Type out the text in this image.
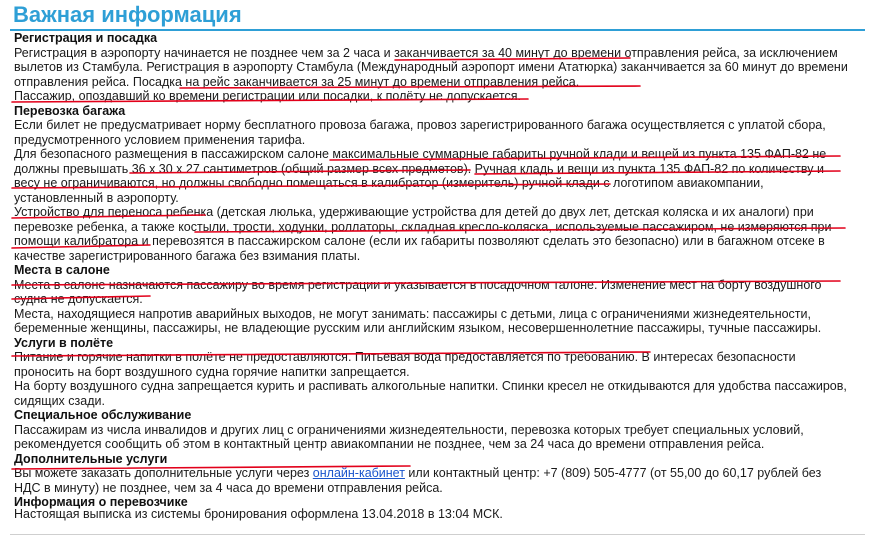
Важная информация

Регистрация и посадка

Регистрация в аэропорту начинается не позднее чем за 2 часа и заканчивается за 40 минут до времени отправления рейса, за исключением вылетов из Стамбула. Регистрация в аэропорту Стамбула (Международный аэропорт имени Ататюрка) заканчивается за 60 минут до времени отправления рейса. Посадка на рейс заканчивается за 25 минут до времени отправления рейса.

Пассажир, опоздавший ко времени регистрации или посадки, к полёту не допускается.

Перевозка багажа

Если билет не предусматривает норму бесплатного провоза багажа, провоз зарегистрированного багажа осуществляется с уплатой сбора, предусмотренного условием применения тарифа.

Для безопасного размещения в пассажирском салоне максимальные суммарные габариты ручной клади и вещей из пункта 135 ФАП-82 не должны превышать 36 х 30 х 27 сантиметров (общий размер всех предметов). Ручная кладь и вещи из пункта 135 ФАП-82 по количеству и весу не ограничиваются, но должны свободно помещаться в калибратор (измеритель) ручной клади с логотипом авиакомпании, установленный в аэропорту.

Устройство для переноса ребенка (детская люлька, удерживающие устройства для детей до двух лет, детская коляска и их аналоги) при перевозке ребенка, а также костыли, трости, ходунки, роллаторы, складная кресло-коляска, используемые пассажиром, не измеряются при помощи калибратора и перевозятся в пассажирском салоне (если их габариты позволяют сделать это безопасно) или в багажном отсеке в качестве зарегистрированного багажа без взимания платы.

Места в салоне

Места в салоне назначаются пассажиру во время регистрации и указывается в посадочном талоне. Изменение мест на борту воздушного судна не допускается.

Места, находящиеся напротив аварийных выходов, не могут занимать: пассажиры с детьми, лица с ограничениями жизнедеятельности, беременные женщины, пассажиры, не владеющие русским или английским языком, несовершеннолетние пассажиры, тучные пассажиры.

Услуги в полёте

Питание и горячие напитки в полёте не предоставляются. Питьевая вода предоставляется по требованию. В интересах безопасности проносить на борт воздушного судна горячие напитки запрещается.

На борту воздушного судна запрещается курить и распивать алкогольные напитки. Спинки кресел не откидываются для удобства пассажиров, сидящих сзади.

Специальное обслуживание

Пассажирам из числа инвалидов и других лиц с ограничениями жизнедеятельности, перевозка которых требует специальных условий, рекомендуется сообщить об этом в контактный центр авиакомпании не позднее, чем за 24 часа до времени отправления рейса.

Дополнительные услуги

Вы можете заказать дополнительные услуги через онлайн-кабинет или контактный центр: +7 (809) 505-4777 (от 55,00 до 60,17 рублей без НДС в минуту) не позднее, чем за 4 часа до времени отправления рейса.

Информация о перевозчике

Настоящая выписка из системы бронирования оформлена 13.04.2018 в 13:04 МСК.
